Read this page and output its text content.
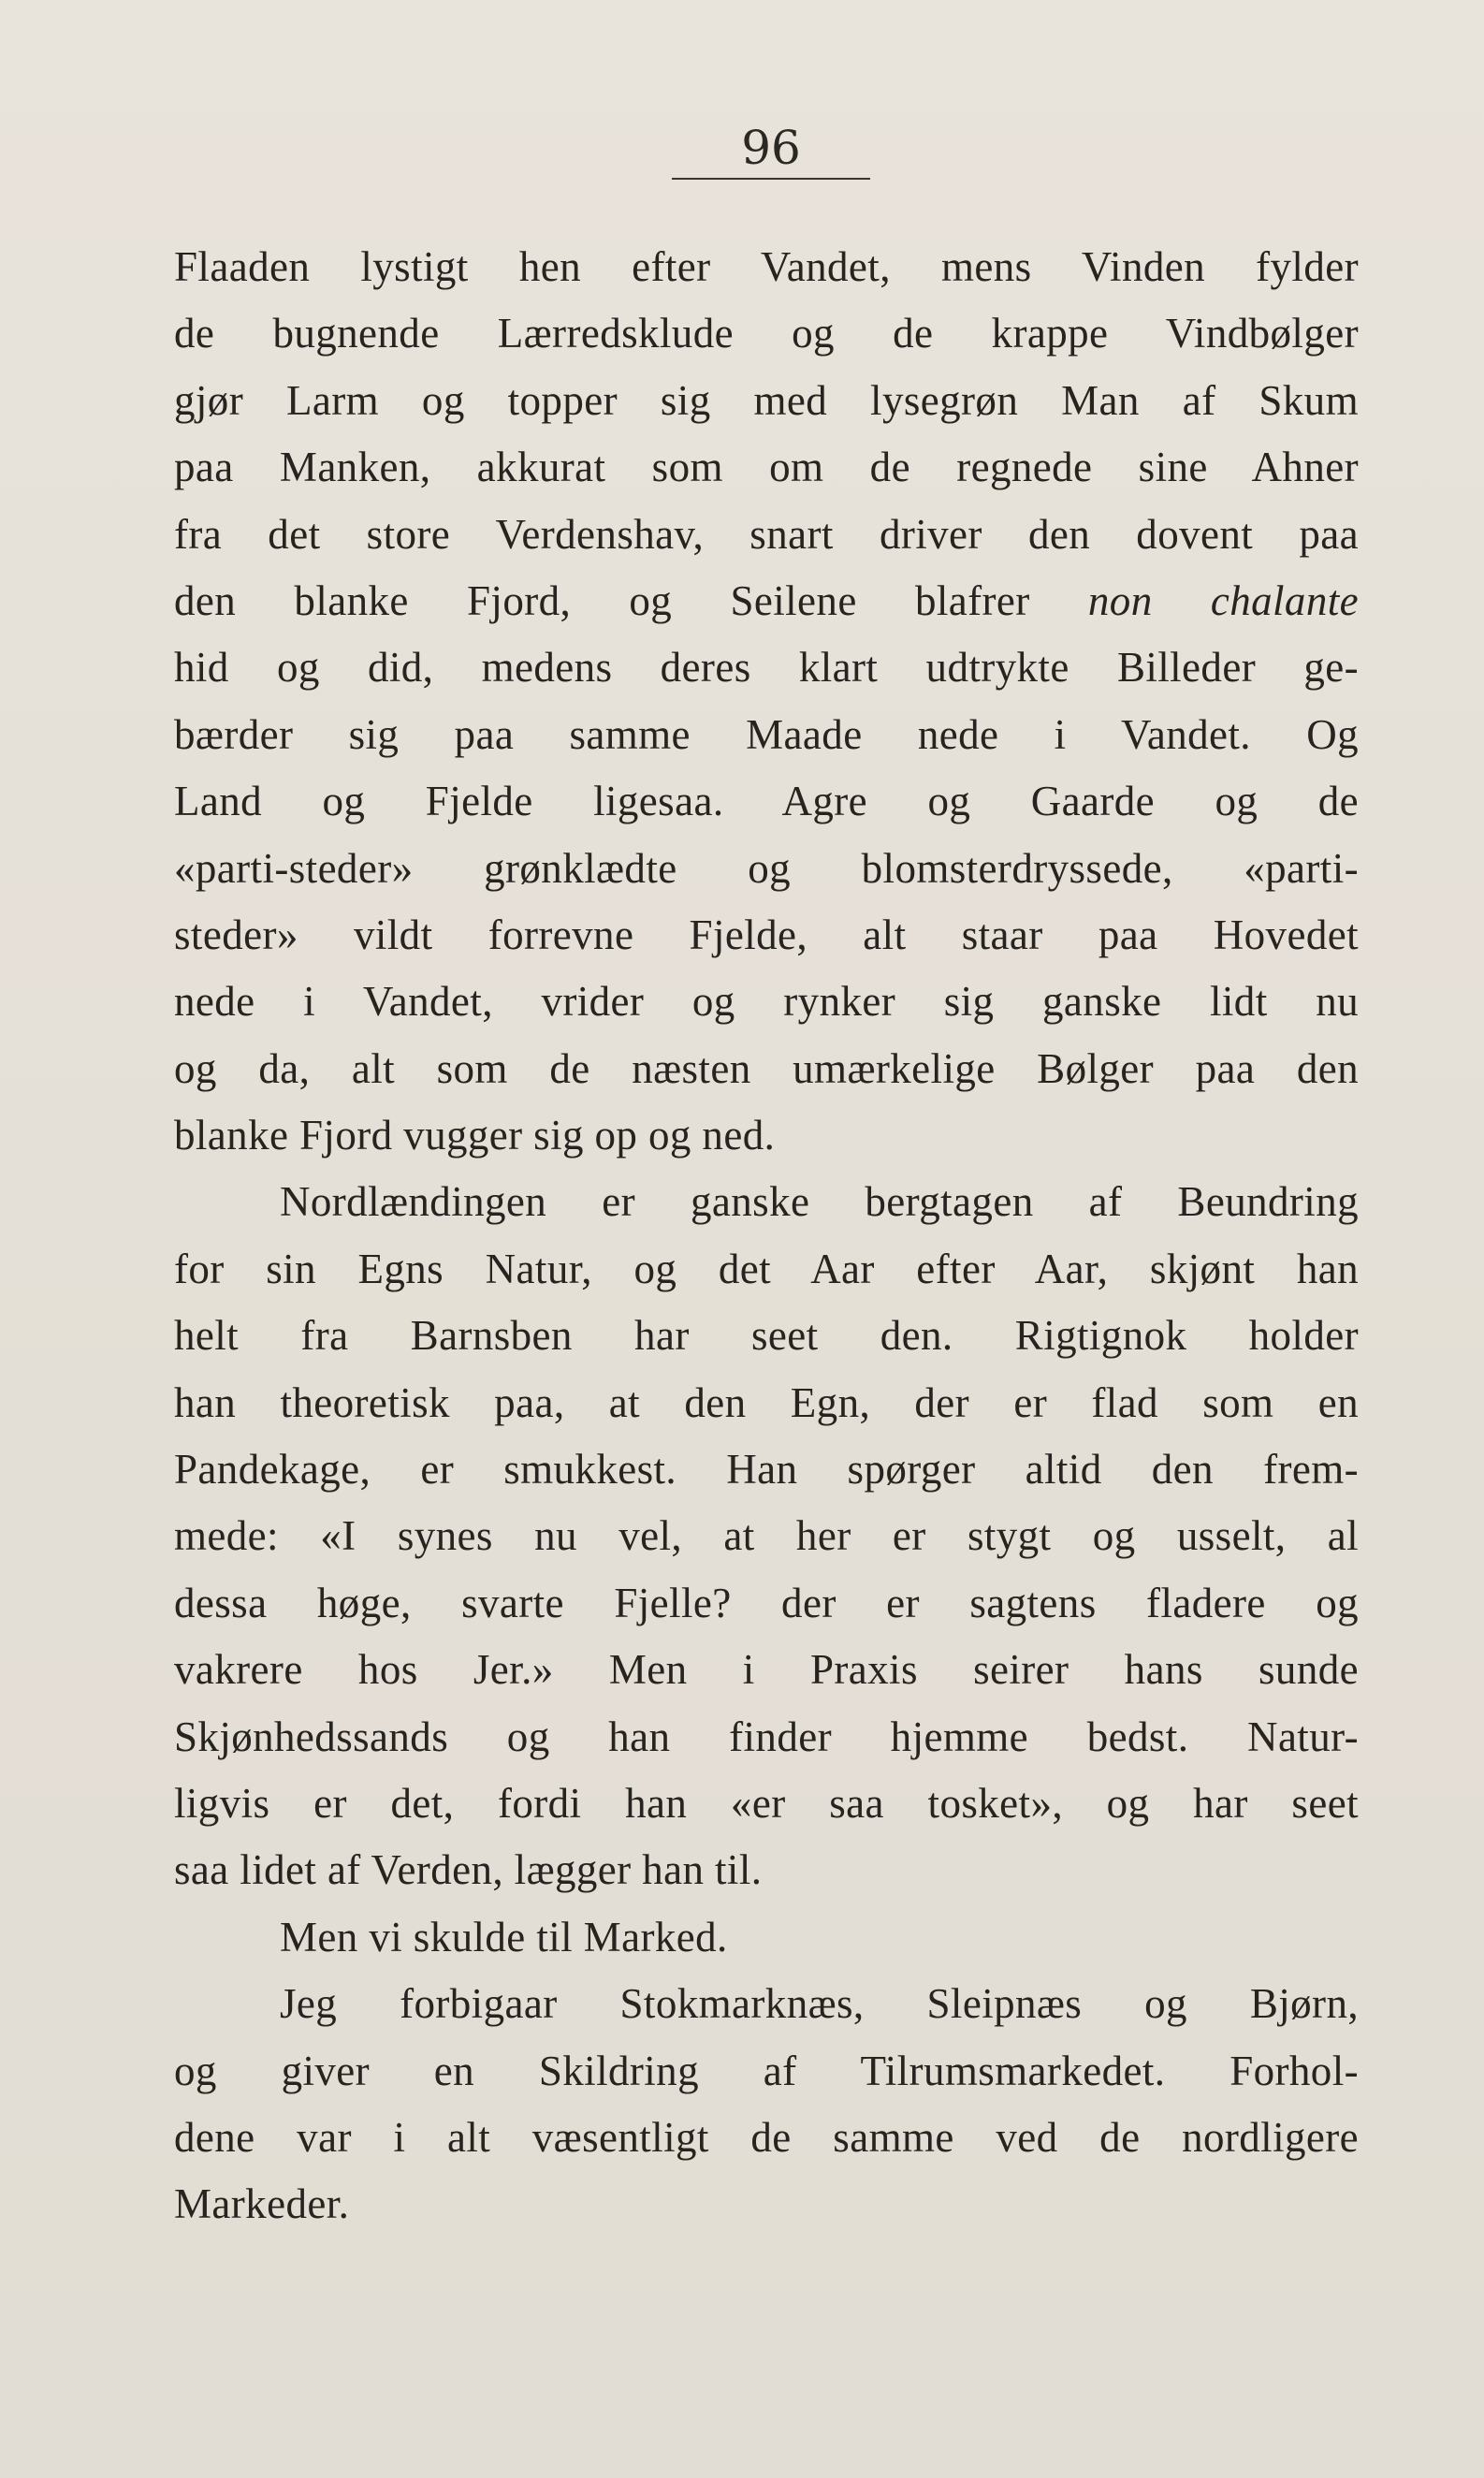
96
Flaaden lystigt hen efter Vandet, mens Vinden fylder
de bugnende Lærredsklude og de krappe Vindbølger
gjør Larm og topper sig med lysegrøn Man af Skum
paa Manken, akkurat som om de regnede sine Ahner
fra det store Verdenshav, snart driver den dovent paa
den blanke Fjord, og Seilene blafrer non chalante
hid og did, medens deres klart udtrykte Billeder ge-
bærder sig paa samme Maade nede i Vandet. Og
Land og Fjelde ligesaa. Agre og Gaarde og de
«parti-steder» grønklædte og blomsterdryssede, «parti-
steder» vildt forrevne Fjelde, alt staar paa Hovedet
nede i Vandet, vrider og rynker sig ganske lidt nu
og da, alt som de næsten umærkelige Bølger paa den
blanke Fjord vugger sig op og ned.
Nordlændingen er ganske bergtagen af Beundring
for sin Egns Natur, og det Aar efter Aar, skjønt han
helt fra Barnsben har seet den. Rigtignok holder
han theoretisk paa, at den Egn, der er flad som en
Pandekage, er smukkest. Han spørger altid den frem-
mede: «I synes nu vel, at her er stygt og usselt, al
dessa høge, svarte Fjelle? der er sagtens fladere og
vakrere hos Jer.» Men i Praxis seirer hans sunde
Skjønhedssands og han finder hjemme bedst. Natur-
ligvis er det, fordi han «er saa tosket», og har seet
saa lidet af Verden, lægger han til.
Men vi skulde til Marked.
Jeg forbigaar Stokmarknæs, Sleipnæs og Bjørn,
og giver en Skildring af Tilrumsmarkedet. Forhol-
dene var i alt væsentligt de samme ved de nordligere
Markeder.
